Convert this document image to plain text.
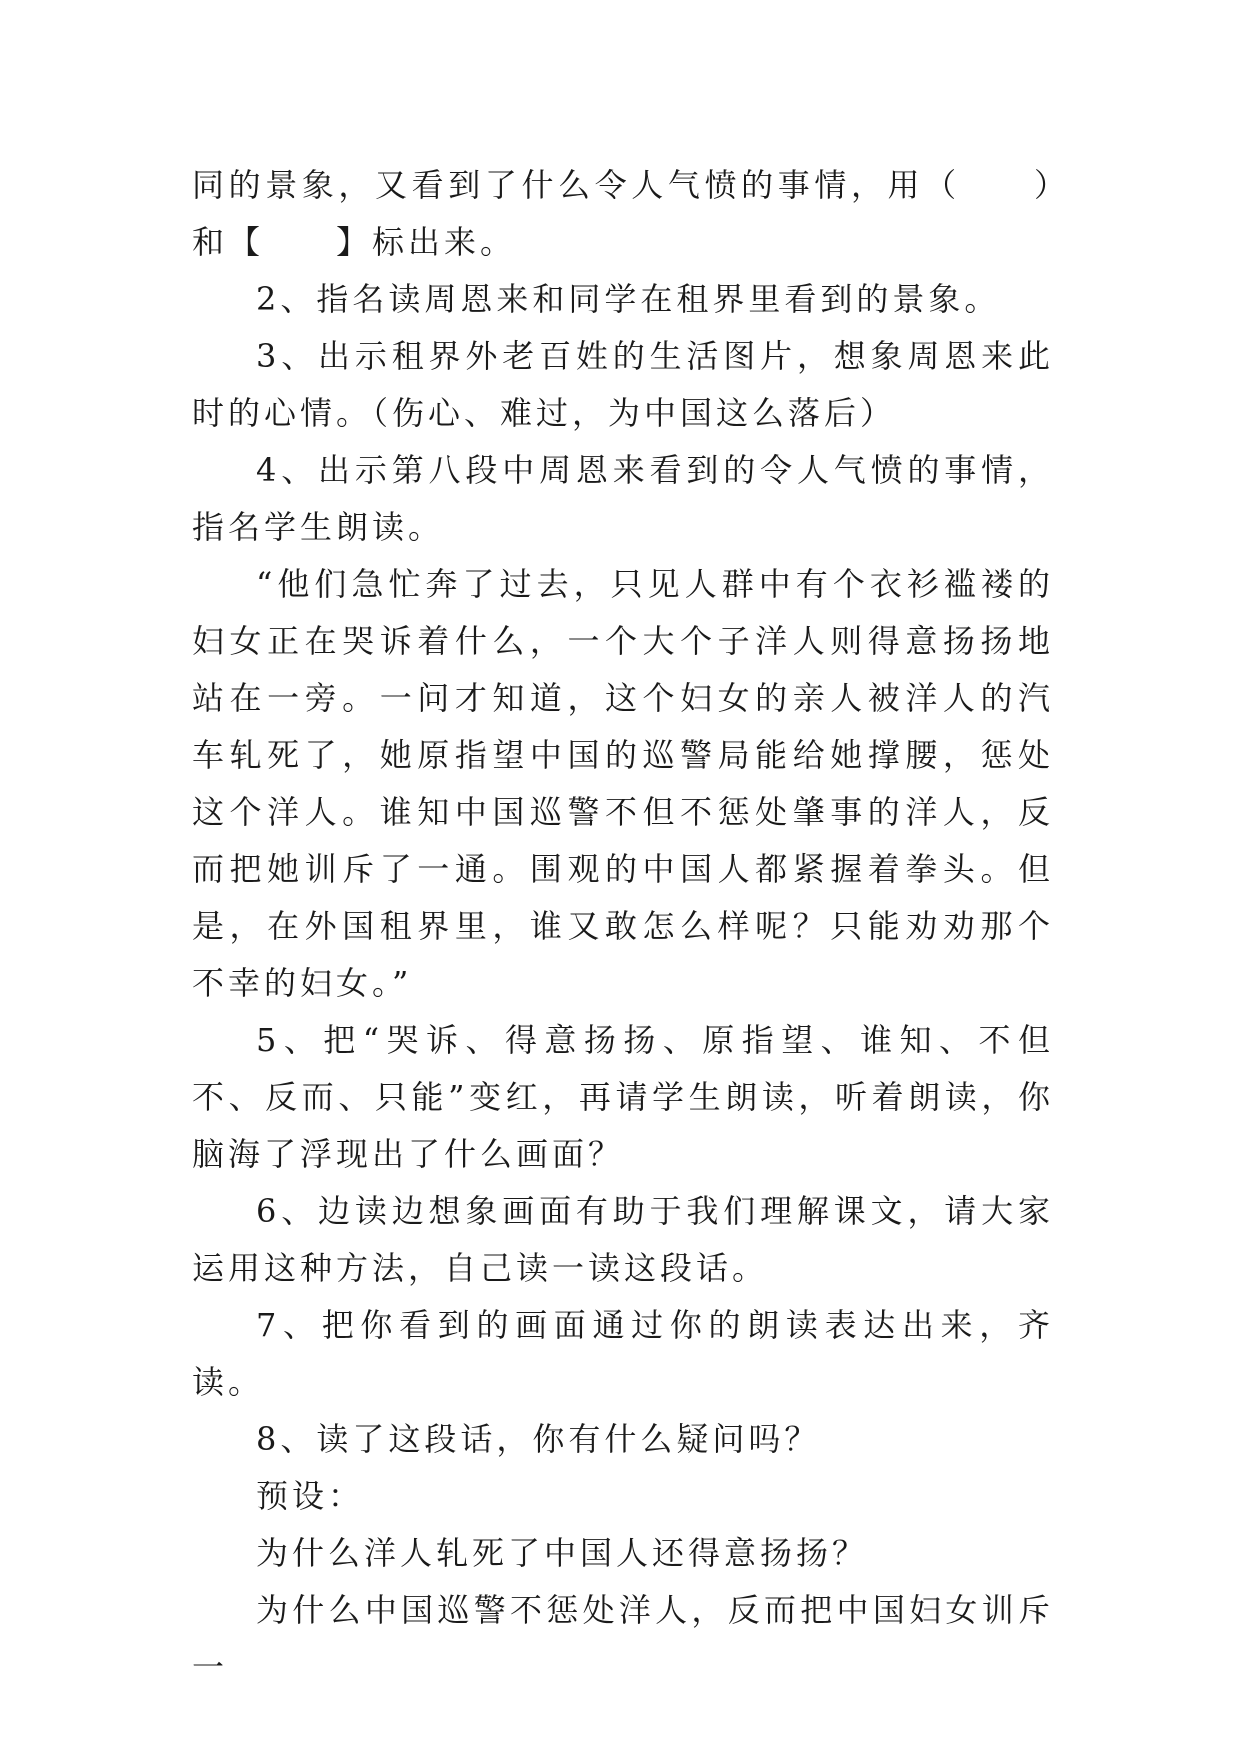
同的景象，又看到了什么令人气愤的事情，用（　　）和【　　】标出来。

2、指名读周恩来和同学在租界里看到的景象。

3、出示租界外老百姓的生活图片，想象周恩来此时的心情。（伤心、难过，为中国这么落后）

4、出示第八段中周恩来看到的令人气愤的事情，指名学生朗读。

“他们急忙奔了过去，只见人群中有个衣衫褴褛的妇女正在哭诉着什么，一个大个子洋人则得意扬扬地站在一旁。一问才知道，这个妇女的亲人被洋人的汽车轧死了，她原指望中国的巡警局能给她撑腰，惩处这个洋人。谁知中国巡警不但不惩处肇事的洋人，反而把她训斥了一通。围观的中国人都紧握着拳头。但是，在外国租界里，谁又敢怎么样呢？只能劝劝那个不幸的妇女。”

5、把“哭诉、得意扬扬、原指望、谁知、不但不、反而、只能”变红，再请学生朗读，听着朗读，你脑海了浮现出了什么画面？

6、边读边想象画面有助于我们理解课文，请大家运用这种方法，自己读一读这段话。

7、把你看到的画面通过你的朗读表达出来，齐读。

8、读了这段话，你有什么疑问吗？

预设：

为什么洋人轧死了中国人还得意扬扬？

为什么中国巡警不惩处洋人，反而把中国妇女训斥一
